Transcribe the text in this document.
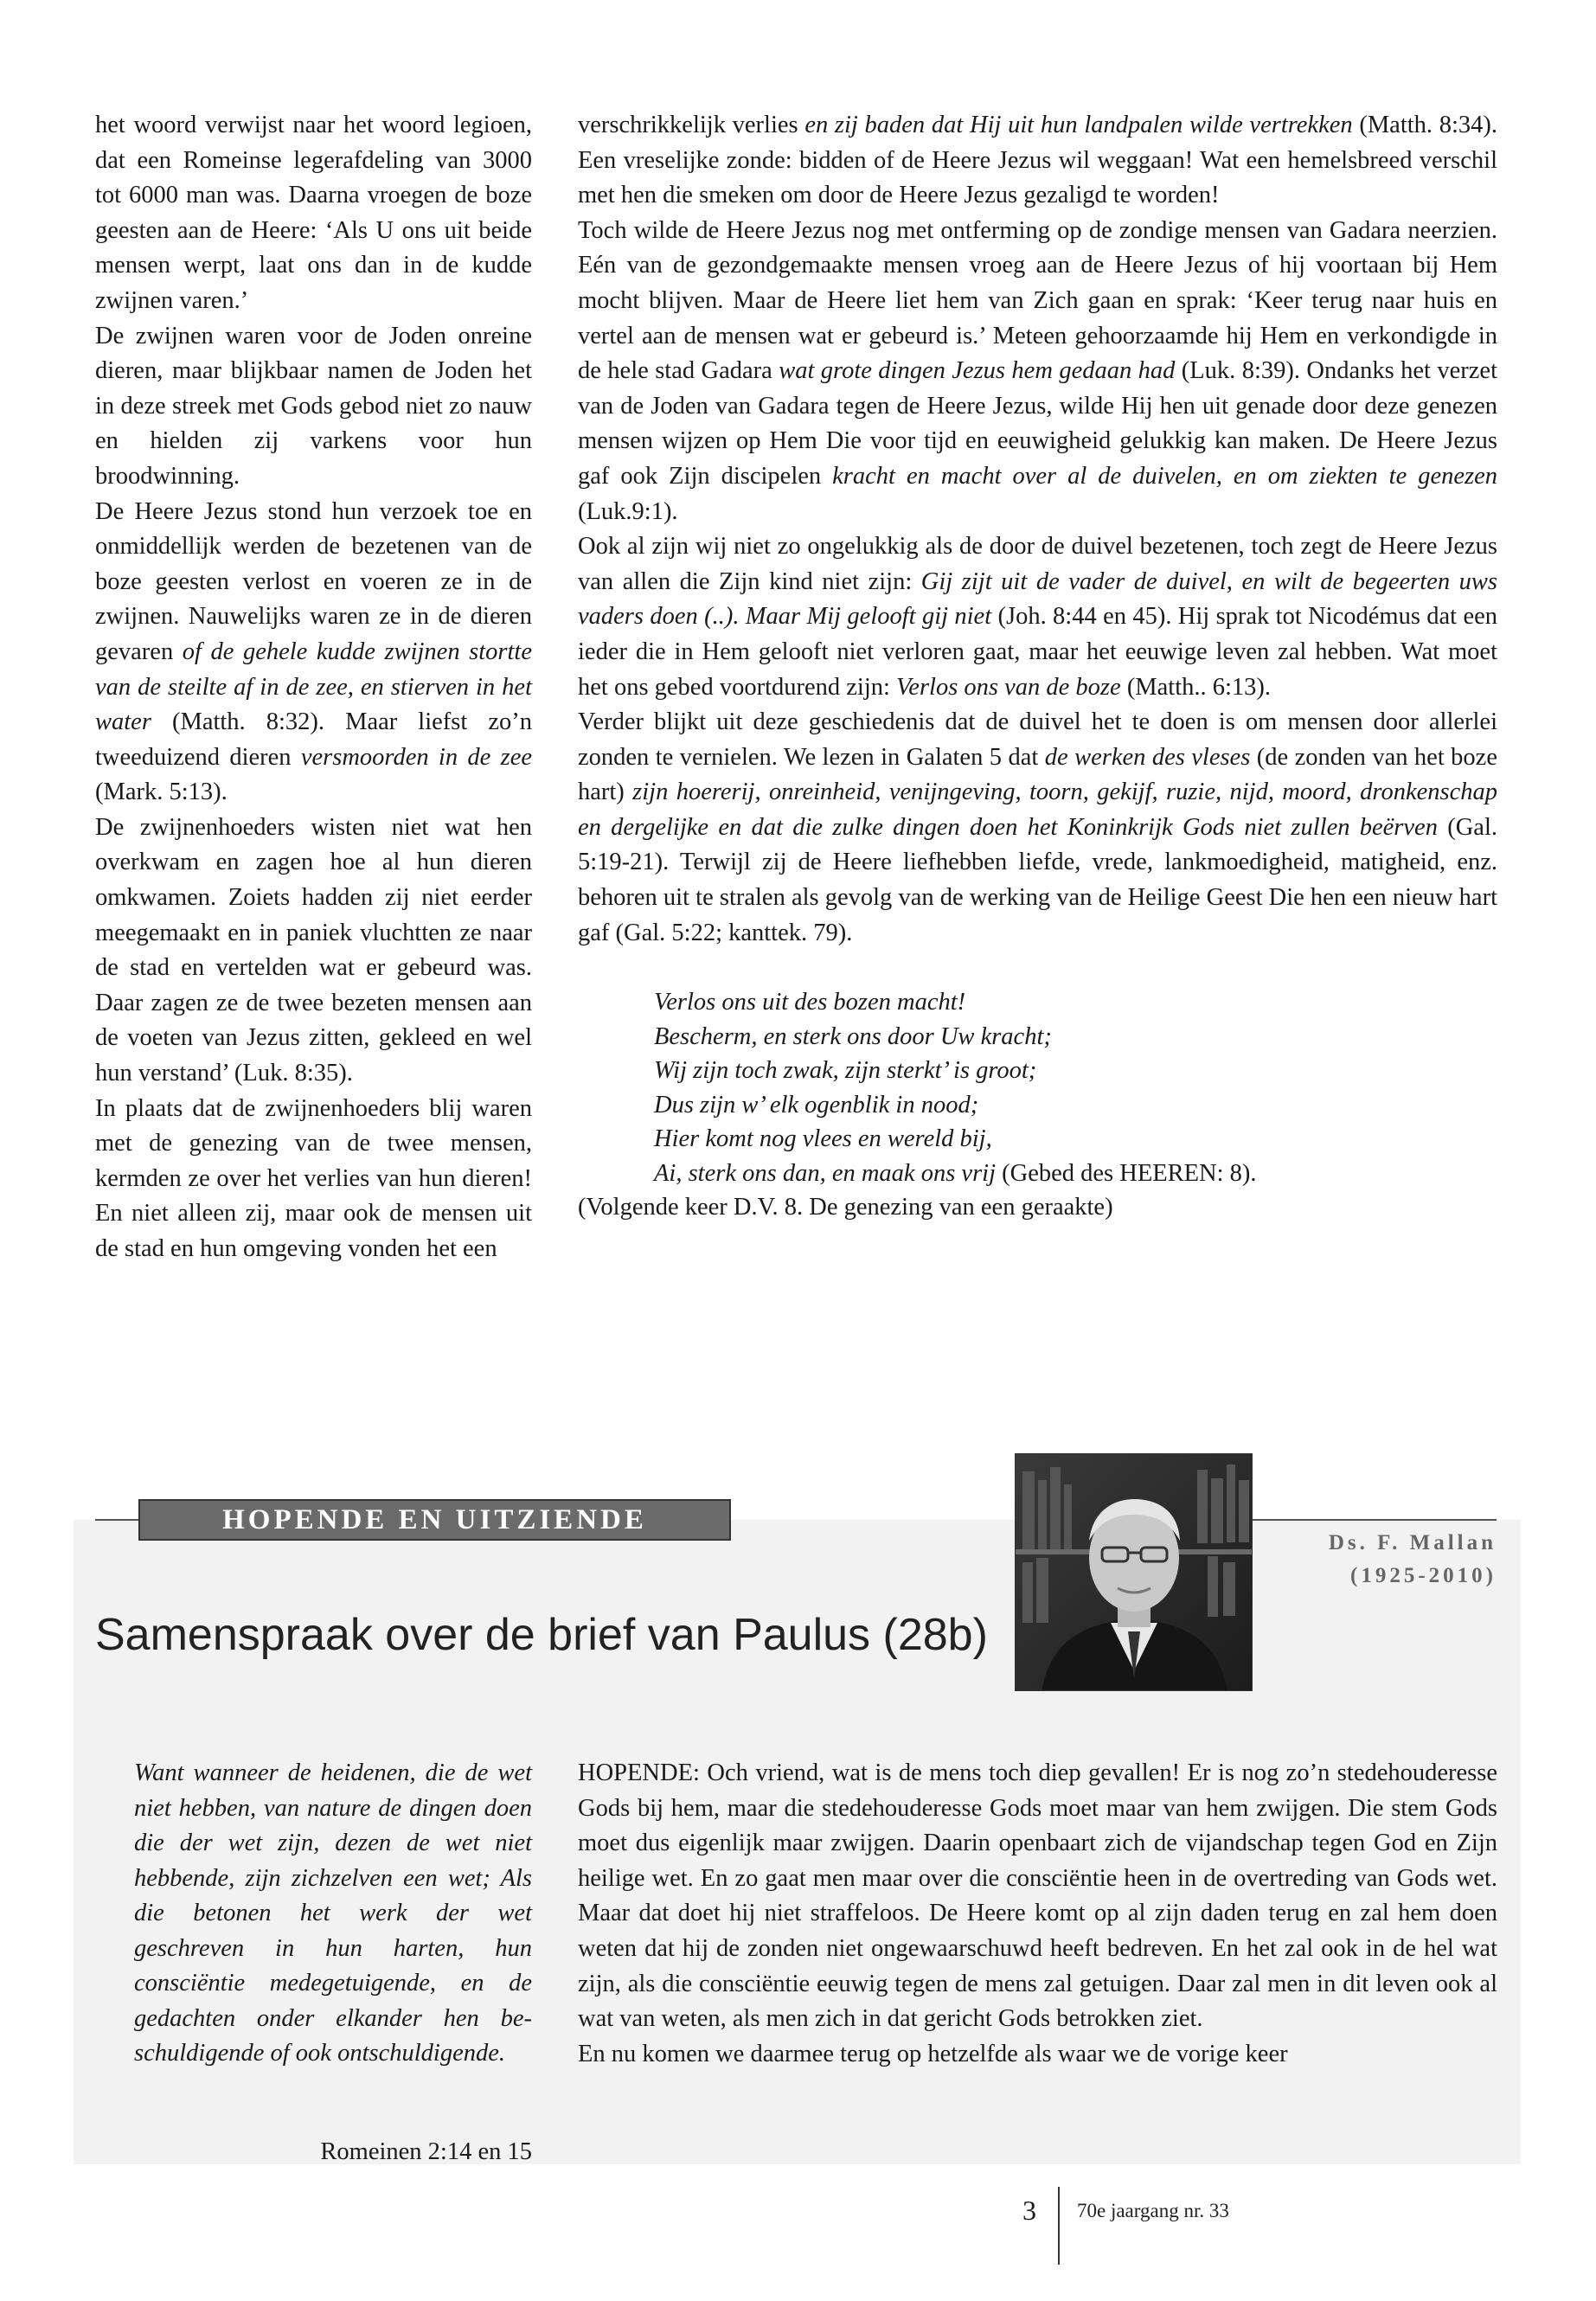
het woord verwijst naar het woord legioen, dat een Romeinse legerafdeling van 3000 tot 6000 man was. Daarna vroegen de boze geesten aan de Heere: ‘Als U ons uit beide mensen werpt, laat ons dan in de kudde zwijnen varen.’

De zwijnen waren voor de Joden onreine dieren, maar blijkbaar namen de Joden het in deze streek met Gods gebod niet zo nauw en hielden zij varkens voor hun broodwinning.

De Heere Jezus stond hun verzoek toe en onmiddellijk werden de bezetenen van de boze geesten verlost en voeren ze in de zwijnen. Nauwelijks waren ze in de dieren gevaren of de gehele kudde zwijnen stortte van de steilte af in de zee, en stierven in het water (Matth. 8:32). Maar liefst zo’n tweeduizend dieren versmoorden in de zee (Mark. 5:13).

De zwijnenhoeders wisten niet wat hen overkwam en zagen hoe al hun dieren omkwamen. Zoiets hadden zij niet eerder meegemaakt en in paniek vluchtten ze naar de stad en vertelden wat er gebeurd was. Daar zagen ze de twee bezeten mensen aan de voeten van Jezus zitten, gekleed en wel hun verstand’ (Luk. 8:35).

In plaats dat de zwijnenhoeders blij waren met de genezing van de twee mensen, kermden ze over het verlies van hun dieren! En niet alleen zij, maar ook de mensen uit de stad en hun omgeving vonden het een

verschrikkelijk verlies en zij baden dat Hij uit hun landpalen wilde vertrekken (Matth. 8:34). Een vreselijke zonde: bidden of de Heere Jezus wil weggaan! Wat een hemelsbreed verschil met hen die smeken om door de Heere Jezus gezaligd te worden!

Toch wilde de Heere Jezus nog met ontferming op de zondige mensen van Gadara neerzien. Eén van de gezondgemaakte mensen vroeg aan de Heere Jezus of hij voortaan bij Hem mocht blijven. Maar de Heere liet hem van Zich gaan en sprak: ‘Keer terug naar huis en vertel aan de mensen wat er gebeurd is.’ Meteen gehoorzaamde hij Hem en verkondigde in de hele stad Gadara wat grote dingen Jezus hem gedaan had (Luk. 8:39). Ondanks het verzet van de Joden van Gadara tegen de Heere Jezus, wilde Hij hen uit genade door deze genezen mensen wijzen op Hem Die voor tijd en eeuwigheid gelukkig kan maken. De Heere Jezus gaf ook Zijn discipelen kracht en macht over al de duivelen, en om ziekten te genezen (Luk.9:1).

Ook al zijn wij niet zo ongelukkig als de door de duivel bezetenen, toch zegt de Heere Jezus van allen die Zijn kind niet zijn: Gij zijt uit de vader de duivel, en wilt de begeerten uws vaders doen (..). Maar Mij gelooft gij niet (Joh. 8:44 en 45). Hij sprak tot Nicodémus dat een ieder die in Hem gelooft niet verloren gaat, maar het eeuwige leven zal hebben. Wat moet het ons gebed voortdurend zijn: Verlos ons van de boze (Matth.. 6:13).

Verder blijkt uit deze geschiedenis dat de duivel het te doen is om mensen door allerlei zonden te vernielen. We lezen in Galaten 5 dat de werken des vleses (de zonden van het boze hart) zijn hoererij, onreinheid, venijngeving, toorn, gekijf, ruzie, nijd, moord, dronkenschap en dergelijke en dat die zulke dingen doen het Koninkrijk Gods niet zullen beërven (Gal. 5:19-21). Terwijl zij de Heere liefhebben liefde, vrede, lankmoedigheid, matigheid, enz. behoren uit te stralen als gevolg van de werking van de Heilige Geest Die hen een nieuw hart gaf (Gal. 5:22; kanttek. 79).

Verlos ons uit des bozen macht!
Bescherm, en sterk ons door Uw kracht;
Wij zijn toch zwak, zijn sterkt’ is groot;
Dus zijn w’ elk ogenblik in nood;
Hier komt nog vlees en wereld bij,
Ai, sterk ons dan, en maak ons vrij (Gebed des HEEREN: 8).

(Volgende keer D.V. 8. De genezing van een geraakte)

HOPENDE EN UITZIENDE
Ds. F. Mallan
(1925-2010)
Samenspraak over de brief van Paulus (28b)
Want wanneer de heidenen, die de wet niet hebben, van nature de dingen doen die der wet zijn, dezen de wet niet hebbende, zijn zichzelven een wet; Als die betonen het werk der wet geschreven in hun harten, hun consciëntie medegetuigende, en de gedachten onder elkander hen beschuldigende of ook ontschuldigende.
Romeinen 2:14 en 15

HOPENDE: Och vriend, wat is de mens toch diep gevallen! Er is nog zo’n stedehouderesse Gods bij hem, maar die stedehouderesse Gods moet maar van hem zwijgen. Die stem Gods moet dus eigenlijk maar zwijgen. Daarin openbaart zich de vijandschap tegen God en Zijn heilige wet. En zo gaat men maar over die consciëntie heen in de overtreding van Gods wet. Maar dat doet hij niet straffeloos. De Heere komt op al zijn daden terug en zal hem doen weten dat hij de zonden niet ongewaarschuwd heeft bedreven. En het zal ook in de hel wat zijn, als die consciëntie eeuwig tegen de mens zal getuigen. Daar zal men in dit leven ook al wat van weten, als men zich in dat gericht Gods betrokken ziet.

En nu komen we daarmee terug op hetzelfde als waar we de vorige keer

3 70e jaargang nr. 33
